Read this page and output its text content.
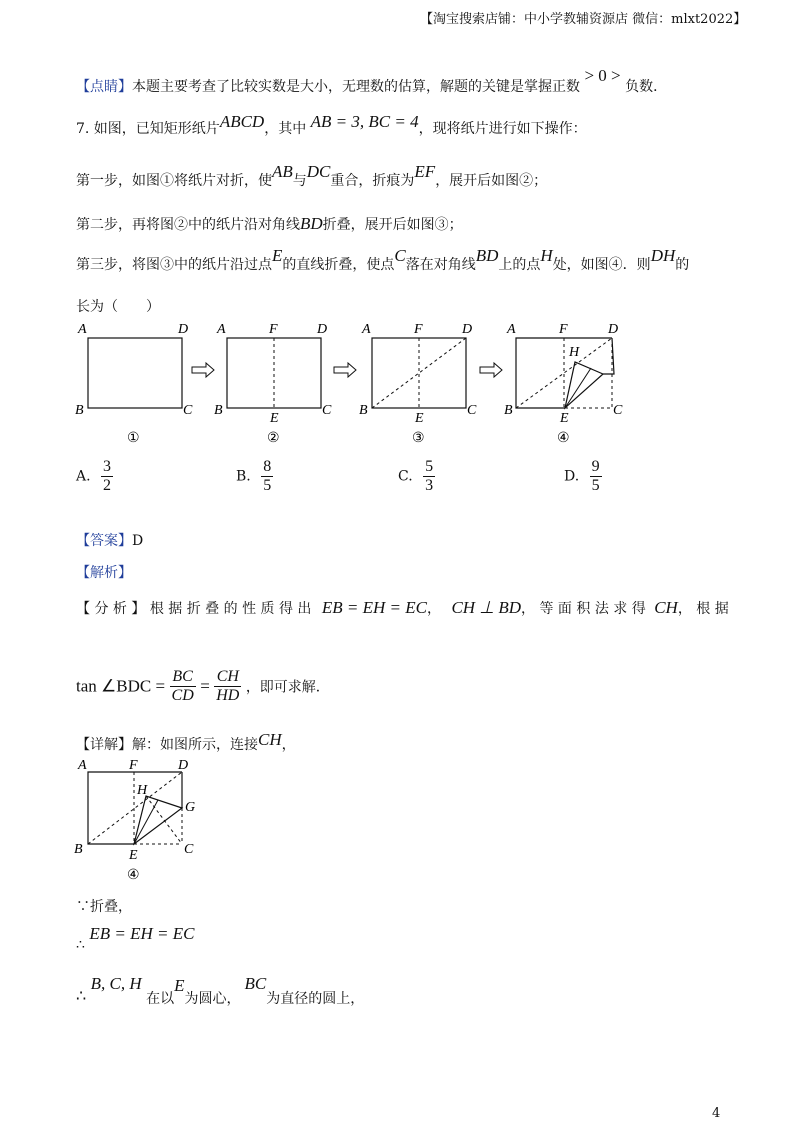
【淘宝搜索店铺：中小学教辅资源店 微信：mlxt2022】
【点睛】本题主要考查了比较实数是大小，无理数的估算，解题的关键是掌握正数 > 0 > 负数．
7. 如图，已知矩形纸片ABCD，其中 AB = 3, BC = 4，现将纸片进行如下操作：
第一步，如图①将纸片对折，使AB与DC重合，折痕为EF，展开后如图②；
第二步，再将图②中的纸片沿对角线BD折叠，展开后如图③；
第三步，将图③中的纸片沿过点E的直线折叠，使点C落在对角线BD上的点H处，如图④．则DH的
长为（　　）
A	D
B	C
①
A	F	D
B
E
C
②
A	F	D
B
E
C
③
A	F	D
H
B
E
C
④
A. $\frac{3}{2}$	B. $\frac{8}{5}$	C. $\frac{5}{3}$	D. $\frac{9}{5}$
【答案】D
【解析】
【 分 析 】 根 据 折 叠 的 性 质 得 出 EB = EH = EC， CH ⊥ BD， 等 面 积 法 求 得 CH， 根 据
tan ∠BDC = $\frac{BC}{CD} = \frac{CH}{HD}$ ，即可求解．
【详解】解：如图所示，连接CH，
A	F	D
H
G
B	E	C
④
∵折叠，
∴ EB = EH = EC
∴ B, C, H 在以E为圆心，BC为直径的圆上，
4
